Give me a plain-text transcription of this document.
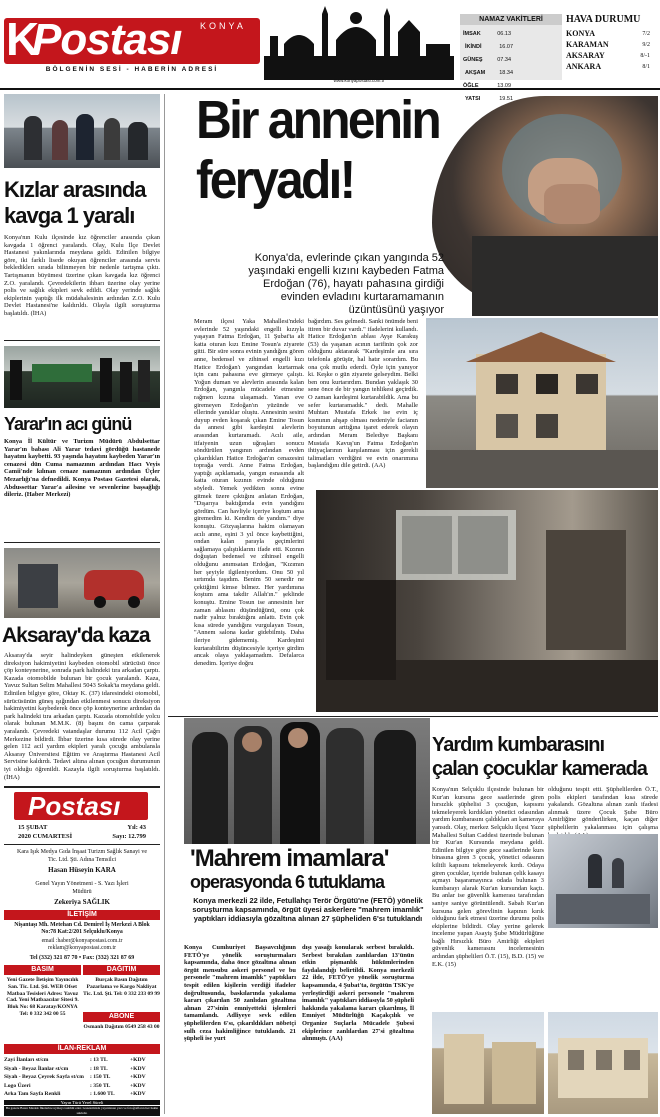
K
Postası KONYA
BÖLGENİN SESİ - HABERİN ADRESİ
www.konyapostasi.com.tr
NAMAZ VAKİTLERİ
İMSAK	06.13
İKİNDİ	16.07
GÜNEŞ	07.34
AKŞAM	18.34
ÖĞLE	13.09
YATSI	19.51
HAVA DURUMU
KONYA	7/2
KARAMAN	9/2
AKSARAY	8/-1
ANKARA	8/1
Kızlar arasında
kavga 1 yaralı
Konya'nın Kulu ilçesinde kız öğrenciler arasında çıkan kavgada 1 öğrenci yaralandı. Olay, Kulu İlçe Devlet Hastanesi yakınlarında meydana geldi. Edinilen bilgiye göre, iki farklı lisede okuyan öğrenciler arasında servis beklediklerı sırada bilinmeyen bir nedenle tartışma çıktı. Tartışmanın büyümesi üzerine çıkan kavgada kız öğrenci Z.O. yaralandı. Çevredekilerin ihbarı üzerine olay yerine polis ve sağlık ekipleri sevk edildi. Olay yerinde sağlık ekiplerinin yaptığı ilk müdahalesinin ardından Z.O. Kulu Devlet Hastanesi'ne kaldırıldı. Olayla ilgili soruşturma başlatıldı. (İHA)
Yarar'ın acı günü
Konya İl Kültür ve Turizm Müdürü Abdulsettar Yarar'ın babası Ali Yarar tedavi gördüğü hastanede hayatını kaybetti. 93 yaşında hayatını kaybeden Yarar'ın cenazesi dün Cuma namazının ardından Hacı Veyis Camii'nde kılınan cenaze namazının ardından Üçler Mezarlığı'na defnedildi. Konya Postası Gazetesi olarak, Abdussettar Yarar'a ailesine ve sevenlerine başsağlığı dileriz. (Haber Merkezi)
Aksaray'da kaza
Aksaray'da seyir halindeyken güneşten etkilenerek direksiyon hakimiyetini kaybeden otomobil sürücüsü önce çöp konteynerine, sonrada park halindeki tıra arkadan çarptı. Kazada otomobilde bulunan bir çocuk yaralandı. Kaza, Yavuz Sultan Selim Mahallesi 5043 Sokak'ta meydana geldi. Edinilen bilgiye göre, Oktay K. (37) idaresindeki otomobil, sürücüsünün güneş ışığından etkilenmesi sonucu direksiyon hakimiyetini kaybederek önce çöp konteynerine ardından da park halindeki tıra arkadan çarptı. Kazada otomobilde yolcu olarak bulunan M.M.K. (8) başını ön camа çarparak yaralandı. Çevredeki vatandaşlar durumu 112 Acil Çağrı Merkezine bildirdi. İhbar üzerine kısa sürede olay yerine gelen 112 acil yardım ekipleri yaralı çocuğu ambulansla Aksaray Üniversitesi Eğitim ve Araştırma Hastanesi Acil Servisine kaldırdı. Tedavi altına alınan çocuğun durumunun iyi olduğu öğrenildi. Kazayla ilgili soruşturma başlatıldı. (İHA)
Postası
15 ŞUBAT	Yıl: 43
2020 CUMARTESİ	Sayı: 12.799
Kara Işık Medya Gıda İnşaat Turizm Sağlık Sanayi ve Tic. Ltd. Şti. Adına Temsilci
Hasan Hüseyin KARA
Genel Yayın Yönetmeni - S. Yazı İşleri Müdürü
Zekeriya SAĞLIK
İLETİŞİM
Nişantaşı Mh. Metehan Cd. Demirel İş Merkezi A Blok No:78 Kat:2/201 Selçuklu/Konya
email :haber@konyapostasi.com.tr
reklam@konyapostasi.com.tr
Tel (332) 321 87 70 • Fax: (332) 321 87 69
BASIM	DAĞITIM
Yeni Gazete İletişim Yayıncılık San. Tic. Ltd. Şti. WEB Ofset Matbaa Tesisleri Adres: Yavuz Cad. Yeni Matbaacılar Sitesi 9. Blok No: 68 Karatay/KONYA Tel: 0 332 342 00 55
Burçak Basın Dağıtım Pazarlama ve Kargo Nakliyat Tic. Ltd. Şti. Tel: 0 332 233 09 99
ABONE
Osmanlı Dağıtım 0549 258 43 00
İLAN-REKLAM
Zayi İlanları st/cm	: 13 TL	+KDV
Siyah - Beyaz İlanlar st/cm	: 18 TL	+KDV
Siyah - Beyaz Çeyrek Sayfa st/cm	: 150 TL	+KDV
Logo Üzeri	: 350 TL	+KDV
Arka Tam Sayfa Renkli	: 1.600 TL	+KDV
Yayın Türü Yerel Süreli
Bu gazete Basın Meslek İlkelerine uymayı taahhüt eder. Gazetemizde yayınlanan yazı ve fotoğrafların her hakkı saklıdır.
Bir annenin
feryadı!
Konya'da, evlerinde çıkan yangında 52 yaşındaki engelli kızını kaybeden Fatma Erdoğan (76), hayatı pahasına girdiği evinden evladını kurtaramamanın üzüntüsünü yaşıyor
Meram ilçesi Yaka Mahallesi'ndeki evlerinde 52 yaşındaki engelli kızıyla yaşayan Fatma Erdoğan, 11 Şubat'ta alt katta oturan kızı Emine Tosun'a ziyarete gitti. Bir süre sonra evinin yandığını gören anne, bedensel ve zihinsel engelli kızı Hatice Erdoğan'ı yangından kurtarmak için canı pahasına eve girmeye çalıştı. Yoğun duman ve alevlerin arasında kalan Erdoğan, yangınla mücadele etmesine rağmen kızına ulaşamadı. Yanan eve giremeyen Erdoğan'ın yüzünde ve ellerinde yanıklar oluştu. Annesinin sesini duyup evden koşarak çıkan Emine Tosun da annesi gibi kardeşini alevlerin arasından kurtaramadı. Acılı aile, itfaiyenin uzun uğraşları sonucu söndürülen yangının ardından evden çıkardıkları Hatice Erdoğan'ın cenazesini toprağa verdi. Anne Fatma Erdoğan, yaptığı açıklamada, yangın esnasında alt katta oturan kızının evinde olduğunu söyledi. Yemek yedikten sonra evine gitmek üzere çıktığını anlatan Erdoğan, "Dışarıya baktığımda evin yandığını gördüm. Can havliyle içeriye koştum ama giremedim ki. Kendim de yandım." diye konuştu. Gözyaşlarına hakim olamayan acılı anne, eşini 3 yıl önce kaybettiğini, ondan kalan paraylа geçimlerini sağlamaya çalıştıklarını ifade etti. Kızının doğuştan bedensel ve zihinsel engelli olduğunu anımsatan Erdoğan, "Kızımın her şeyiyle ilgileniyordum. Onu 50 yıl sırtımda taşıdım. Benim 50 senedir ne çektiğimi kimse bilmez. Her yardımına koştum ama takdir Allah'ın." şeklinde konuştu. Emine Tosun ise annesinin her zaman ablasını düşündüğünü, onu çok nadir yalnız bıraktığını anlattı. Evin çok kısa sürede yandığını vurgulayan Tosun, "Annem salona kadar gidebilmiş. Daha ileriye gidememiş. Kardeşimi kurtarabilirim düşüncesiyle içeriye girdim ancak olaya yaklaşamadım. Defalarca denedim. İçeriye doğru
bağırdım. Ses gelmedi. Sanki önümde beni itiren bir duvar vardı." ifadelerini kullandı. Hatice Erdoğan'ın ablası Ayşe Karakuş (53) da yaşanan acının tarifinin çok zor olduğunu aktararak "Kardeşimle ara sıra telefonla görüşür, hal hatır sorardım. Bu ona çok mutlu ederdi. Öyle için yanıyor ki. Keşke o gün ziyarete gelseydim. Belki ben onu kurtarırdım. Bundan yaklaşık 30 sene önce de bir yangın tehlikesi geçirdik. O zaman kardeşimi kurtarabildik. Ama bu sefer kurtaramadık." dedi. Mahalle Muhtarı Mustafa Erkek ise evin iç kısmının ahşap olması nedeniyle facianın boyutunun arttığına işaret ederek olayın ardından Meram Belediye Başkanı Mustafa Kavuş'un Fatma Erdoğan'ın ihtiyaçlarının karşılanması için gerekli talimatları verdiğini ve evin onarımına başlandığını dile getirdi. (AA)
'Mahrem imamlara'
operasyonda 6 tutuklama
Konya merkezli 22 ilde, Fetullahçı Terör Örgütü'ne (FETÖ) yönelik soruşturma kapsamında, örgüt üyesi askerlere "mahrem imamlık" yaptıkları iddiasıyla gözaltına alınan 27 şüpheliden 6'sı tutuklandı
Konya Cumhuriyet Başsavcılığının FETÖ'ye yönelik soruşturmaları kapsamında, daha önce gözaltına alınan örgüt mensubu askeri personel ve bu personele "mahrem imamlık" yaptıkları tespit edilen kişilerin verdiği ifadeler doğrultusunda, baskılarında yakalama kararı çıkarılan 50 zanlıdan gözaltına alınan 27'sinin emniyetteki işlemleri tamamlandı. Adliyeye sevk edilen şüphelilerden 6'sı, çıkarıldıkları nöbetçi sulh ceza hakimliğince tutuklandı. 21 şüpheli ise yurt
dışı yasağı konularak serbest bırakıldı. Serbest bırakılan zanlılardan 13'ünün etkin pişmanlık hükümlerinden faydalandığı belirtildi. Konya merkezli 22 ilde, FETÖ'ye yönelik soruşturma kapsamında, 4 Şubat'ta, örgütün TSK'ye yerleştirdiği askeri personele "mahrem imamlık" yaptıkları iddiasıyla 50 şüpheli hakkında yakalama kararı çıkarılmış, İl Emniyet Müdürlüğü Kaçakçılık ve Organize Suçlarla Mücadele Şubesi ekiplerince zanlılardan 27'si gözaltına alınmıştı. (AA)
Yardım kumbarasını
çalan çocuklar kamerada
Konya'nın Selçuklu ilçesinde bulunan bir Kur'an kursuna gece saatlerinde giren hırsızlık şüphelisi 3 çocuğun, kapısını tekmeleyerek kırdıkları yönetici odasından yardım kumbarasını çaldıkları an kameraya yansıdı. Olay, merkez Selçuklu ilçesi Yazır Mahallesi Sultan Caddesi üzerinde bulunan bir Kur'an Kursunda meydana geldi. Edinilen bilgiye göre gece saatlerinde kurs binasına giren 3 çocuk, yönetici odasının kilitli kapısını tekmeleyerek kırdı. Odaya giren çocuklar, içeride bulunan çelik kasayı açmayı başaramayınca odada bulunan 3 kumbarayı alarak Kur'an kursundan kaçtı. Bu anlar ise güvenlik kamerası tarafından saniye saniye görüntülendi. Sabah Kur'an kursuna gelen görevlinin kapının kırık olduğunu fark etmesi üzerine durumu polis ekiplerine bildirdi. Olay yerine gelerek inceleme yapan Asayiş Şube Müdürlüğüne bağlı Hırsızlık Büro Amirliği ekipleri güvenlik kamerasını incelemesinin ardından şüphelileri Ö.T. (15), B.D. (15) ve E.K. (15)
olduğunu tespit etti. Şüphelilerden Ö.T., polis ekipleri tarafından kısa sürede yakalandı. Gözaltına alınan zanlı ifadesi alınmak üzere Çocuk Şube Büro Amirliğine gönderilirken, kaçan diğer şüphelilerin yakalanması için çalışma
